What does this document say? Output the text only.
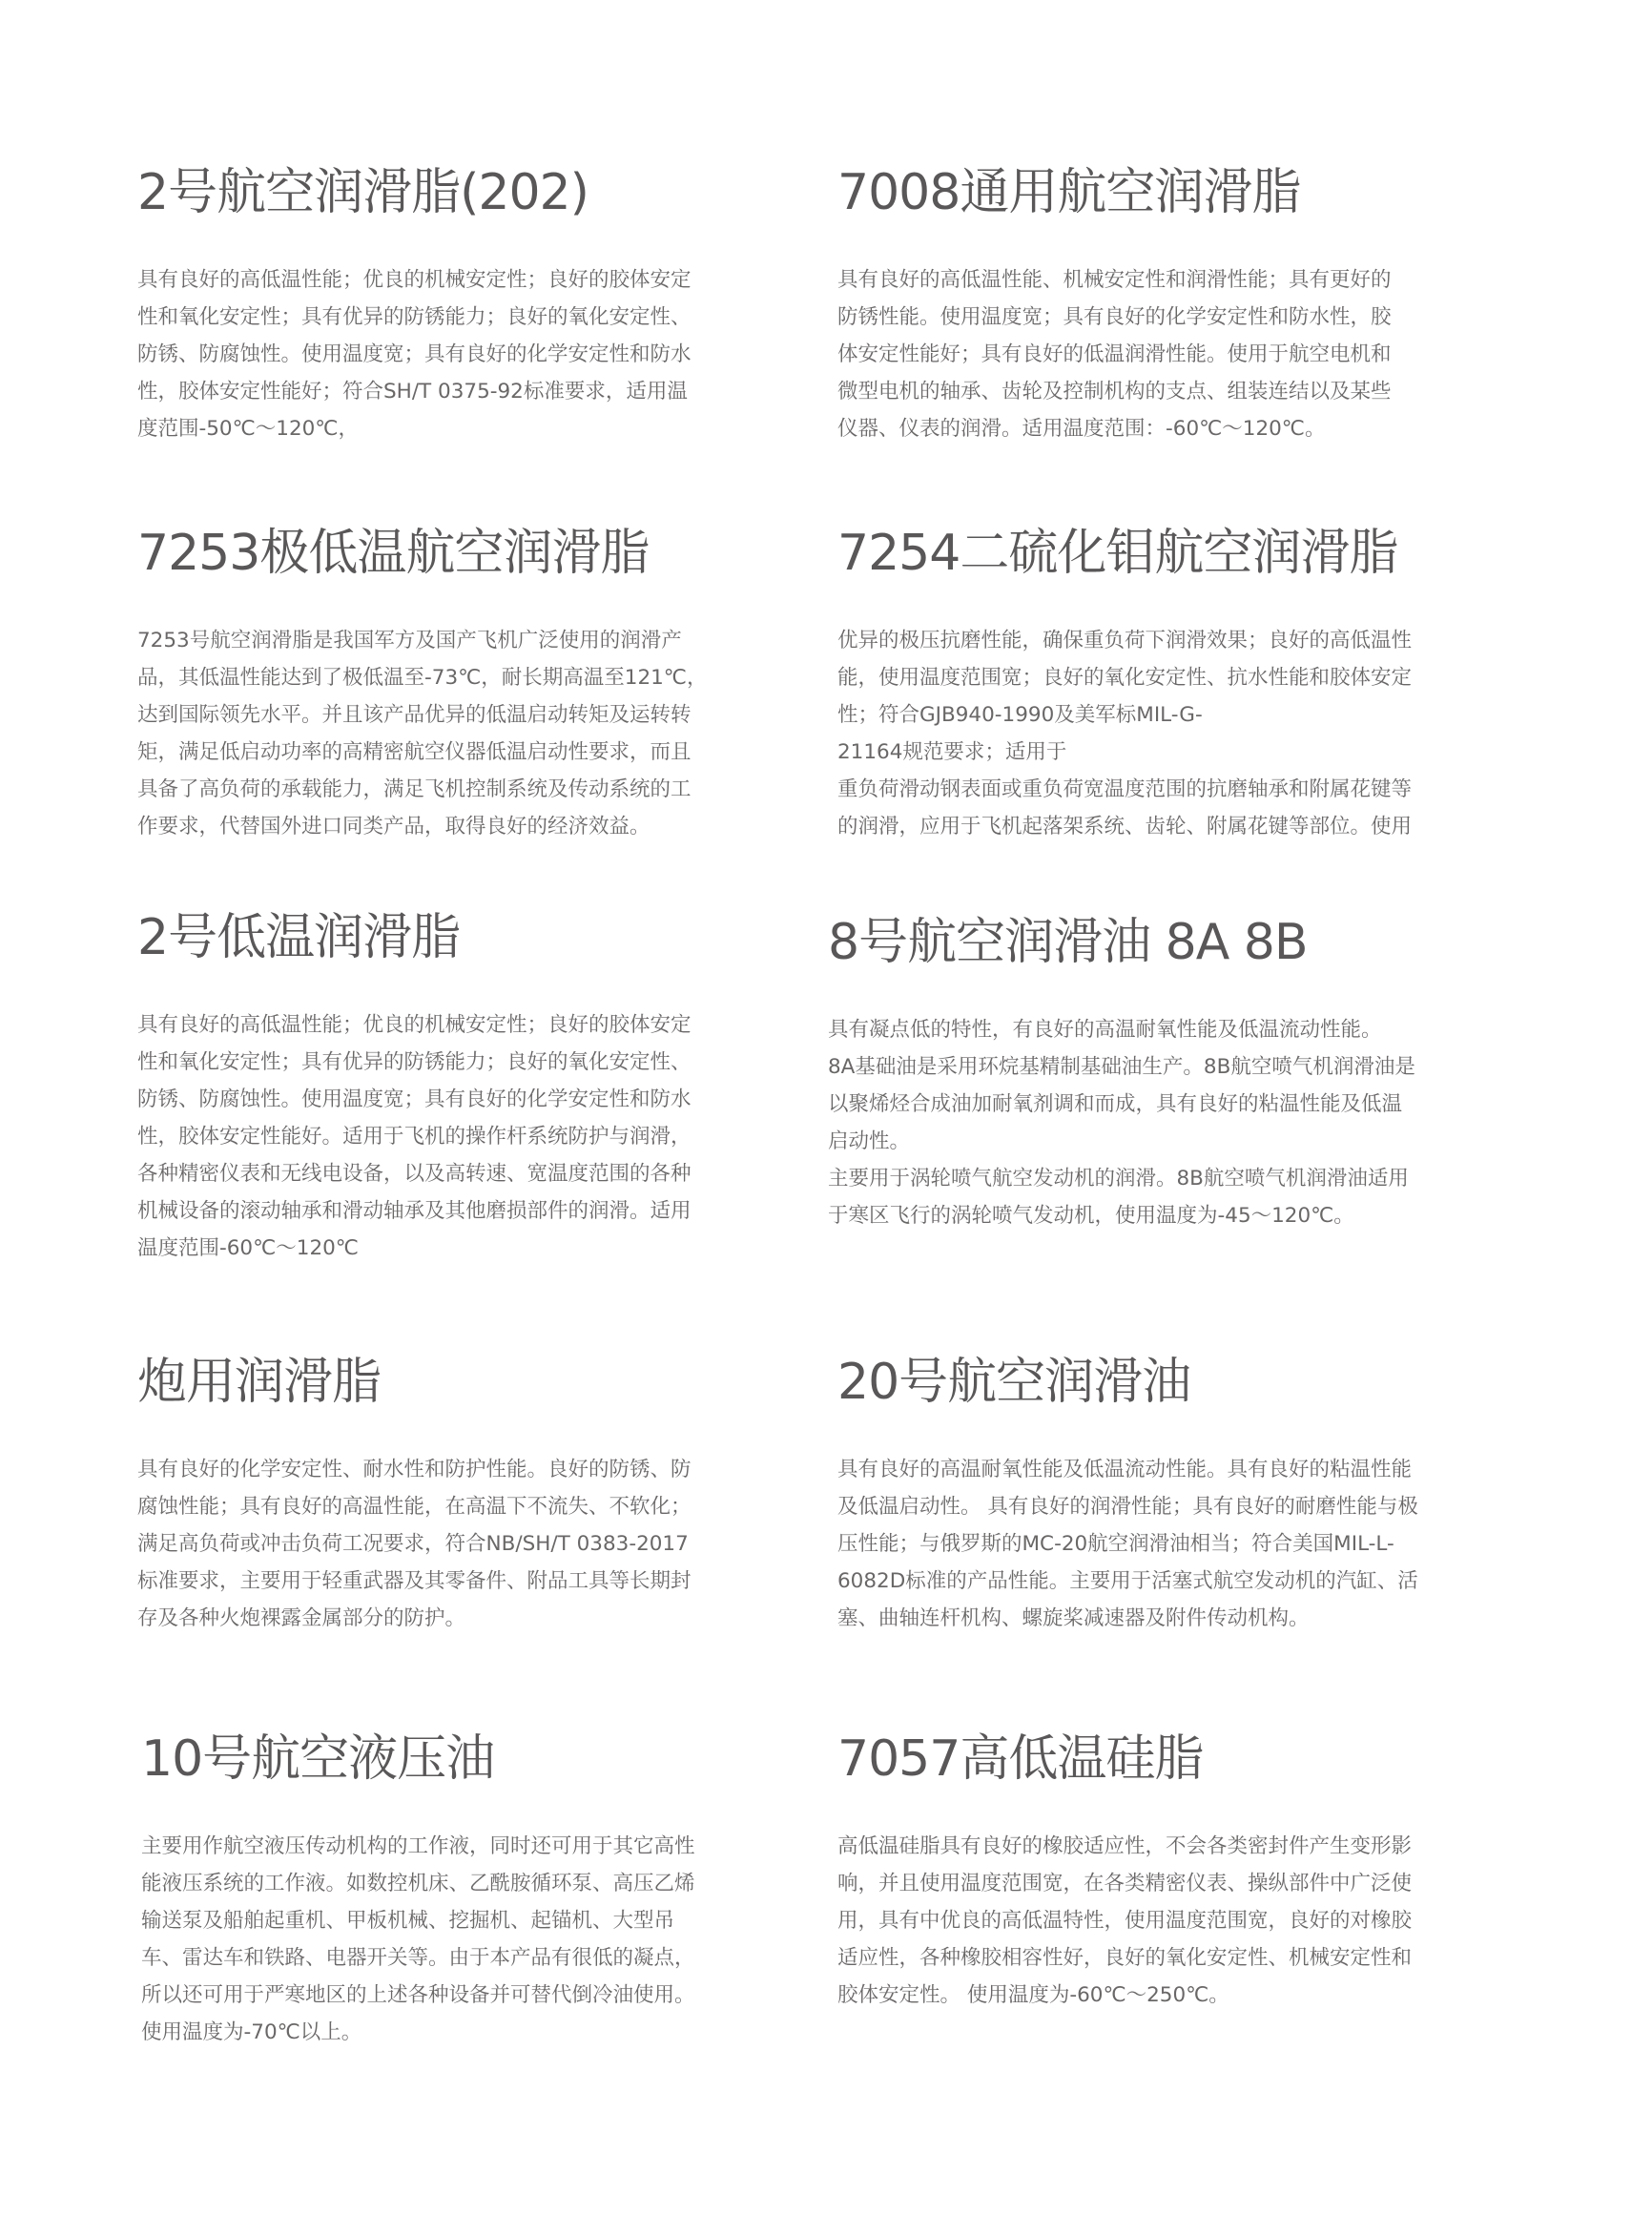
2号航空润滑脂(202)

具有良好的高低温性能；优良的机械安定性；良好的胶体安定
性和氧化安定性；具有优异的防锈能力；良好的氧化安定性、
防锈、防腐蚀性。使用温度宽；具有良好的化学安定性和防水
性，胶体安定性能好；符合SH/T 0375-92标准要求，适用温
度范围-50℃～120℃，

7008通用航空润滑脂

具有良好的高低温性能、机械安定性和润滑性能；具有更好的
防锈性能。使用温度宽；具有良好的化学安定性和防水性，胶
体安定性能好；具有良好的低温润滑性能。使用于航空电机和
微型电机的轴承、齿轮及控制机构的支点、组装连结以及某些
仪器、仪表的润滑。适用温度范围：-60℃～120℃。

7253极低温航空润滑脂

7253号航空润滑脂是我国军方及国产飞机广泛使用的润滑产
品，其低温性能达到了极低温至-73℃，耐长期高温至121℃，
达到国际领先水平。并且该产品优异的低温启动转矩及运转转
矩，满足低启动功率的高精密航空仪器低温启动性要求，而且
具备了高负荷的承载能力，满足飞机控制系统及传动系统的工
作要求，代替国外进口同类产品，取得良好的经济效益。

7254二硫化钼航空润滑脂

优异的极压抗磨性能，确保重负荷下润滑效果；良好的高低温性
能，使用温度范围宽；良好的氧化安定性、抗水性能和胶体安定
性；符合GJB940-1990及美军标MIL-G-
21164规范要求；适用于
重负荷滑动钢表面或重负荷宽温度范围的抗磨轴承和附属花键等
的润滑，应用于飞机起落架系统、齿轮、附属花键等部位。使用

2号低温润滑脂

具有良好的高低温性能；优良的机械安定性；良好的胶体安定
性和氧化安定性；具有优异的防锈能力；良好的氧化安定性、
防锈、防腐蚀性。使用温度宽；具有良好的化学安定性和防水
性，胶体安定性能好。适用于飞机的操作杆系统防护与润滑，
各种精密仪表和无线电设备，以及高转速、宽温度范围的各种
机械设备的滚动轴承和滑动轴承及其他磨损部件的润滑。适用
温度范围-60℃～120℃

8号航空润滑油 8A 8B

具有凝点低的特性，有良好的高温耐氧性能及低温流动性能。
8A基础油是采用环烷基精制基础油生产。8B航空喷气机润滑油是
以聚烯烃合成油加耐氧剂调和而成，具有良好的粘温性能及低温
启动性。
主要用于涡轮喷气航空发动机的润滑。8B航空喷气机润滑油适用
于寒区飞行的涡轮喷气发动机，使用温度为-45～120℃。

炮用润滑脂

具有良好的化学安定性、耐水性和防护性能。良好的防锈、防
腐蚀性能；具有良好的高温性能，在高温下不流失、不软化；
满足高负荷或冲击负荷工况要求，符合NB/SH/T 0383-2017
标准要求，主要用于轻重武器及其零备件、附品工具等长期封
存及各种火炮裸露金属部分的防护。

20号航空润滑油

具有良好的高温耐氧性能及低温流动性能。具有良好的粘温性能
及低温启动性。 具有良好的润滑性能；具有良好的耐磨性能与极
压性能；与俄罗斯的MC-20航空润滑油相当；符合美国MIL-L-
6082D标准的产品性能。主要用于活塞式航空发动机的汽缸、活
塞、曲轴连杆机构、螺旋桨减速器及附件传动机构。

10号航空液压油

主要用作航空液压传动机构的工作液，同时还可用于其它高性
能液压系统的工作液。如数控机床、乙酰胺循环泵、高压乙烯
输送泵及船舶起重机、甲板机械、挖掘机、起锚机、大型吊
车、雷达车和铁路、电器开关等。由于本产品有很低的凝点，
所以还可用于严寒地区的上述各种设备并可替代倒冷油使用。
使用温度为-70℃以上。

7057高低温硅脂

高低温硅脂具有良好的橡胶适应性，不会各类密封件产生变形影
响，并且使用温度范围宽，在各类精密仪表、操纵部件中广泛使
用，具有中优良的高低温特性，使用温度范围宽，良好的对橡胶
适应性，各种橡胶相容性好，良好的氧化安定性、机械安定性和
胶体安定性。 使用温度为-60℃～250℃。
